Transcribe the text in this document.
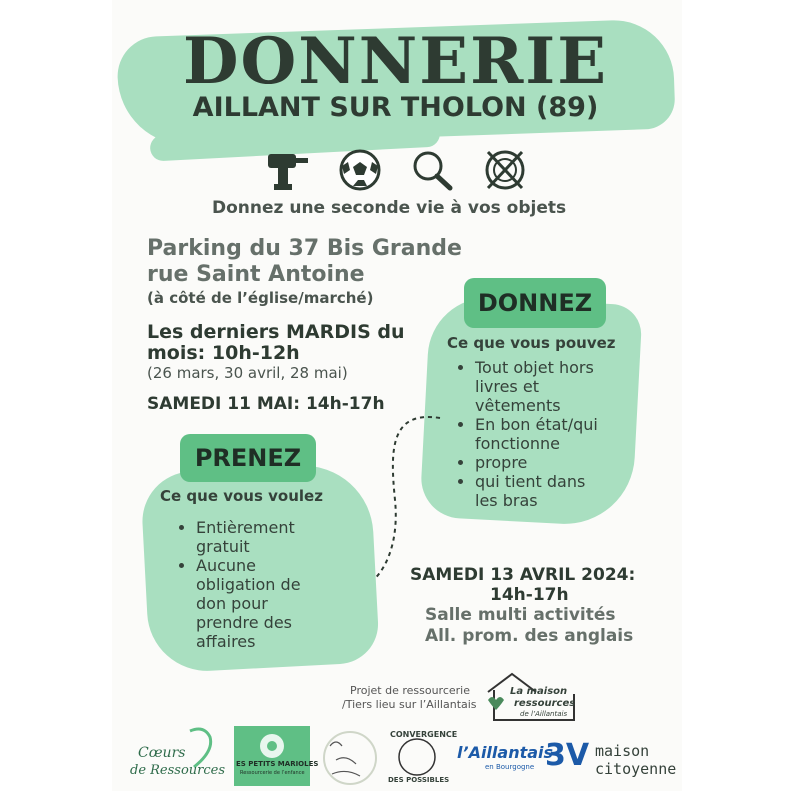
DONNERIE
AILLANT SUR THOLON (89)
Donnez une seconde vie à vos objets
Parking du 37 Bis Grande
rue Saint Antoine
(à côté de l’église/marché)
Les derniers MARDIS du
mois: 10h-12h
(26 mars, 30 avril, 28 mai)
SAMEDI 11 MAI: 14h-17h
DONNEZ
Ce que vous pouvez
• Tout objet hors
livres et
vêtements
• En bon état/qui
fonctionne
• propre
• qui tient dans
les bras
PRENEZ
Ce que vous voulez
• Entièrement
gratuit
• Aucune
obligation de
don pour
prendre des
affaires
SAMEDI 13 AVRIL 2024:
14h-17h
Salle multi activités
All. prom. des anglais
Projet de ressourcerie
/Tiers lieu sur l’Aillantais
La maison
ressources
de l’Aillantais
Cœurs
de Ressources ES PETITS MARIOLES
Ressourcerie de l’enfance
CONVERGENCE
DES POSSIBLES
l’Aillantais
en Bourgogne 3V maison
citoyenne
